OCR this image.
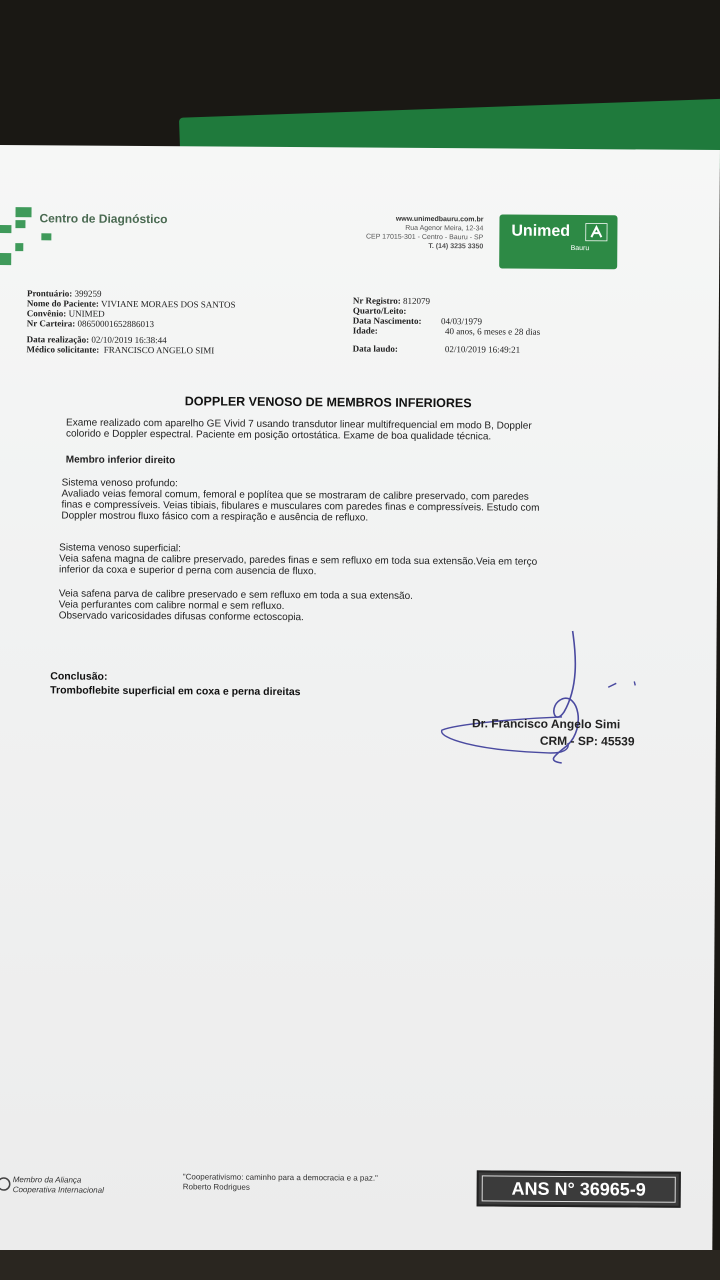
Centro de Diagnóstico	www.unimedbauru.com.br
Rua Agenor Meira, 12-34
CEP 17015-301 - Centro - Bauru - SP
T. (14) 3235 3350
Unimed
Bauru
Prontuário: 399259
Nome do Paciente: VIVIANE MORAES DOS SANTOS
Convênio: UNIMED
Nr Carteira: 08650001652886013
Data realização: 02/10/2019 16:38:44
Médico solicitante: FRANCISCO ANGELO SIMI
Nr Registro: 812079
Quarto/Leito:
Data Nascimento: 04/03/1979
Idade:	40 anos, 6 meses e 28 dias
Data laudo:	02/10/2019 16:49:21
DOPPLER VENOSO DE MEMBROS INFERIORES
Exame realizado com aparelho GE Vivid 7 usando transdutor linear multifrequencial em modo B, Doppler
colorido e Doppler espectral. Paciente em posição ortostática. Exame de boa qualidade técnica.
Membro inferior direito
Sistema venoso profundo:
Avaliado veias femoral comum, femoral e poplítea que se mostraram de calibre preservado, com paredes
finas e compressíveis. Veias tibiais, fibulares e musculares com paredes finas e compressíveis. Estudo com
Doppler mostrou fluxo fásico com a respiração e ausência de refluxo.
Sistema venoso superficial:
Veia safena magna de calibre preservado, paredes finas e sem refluxo em toda sua extensão.Veia em terço
inferior da coxa e superior d perna com ausencia de fluxo.
Veia safena parva de calibre preservado e sem refluxo em toda a sua extensão.
Veia perfurantes com calibre normal e sem refluxo.
Observado varicosidades difusas conforme ectoscopia.
Conclusão:
Tromboflebite superficial em coxa e perna direitas
Dr. Francisco Angelo Simi
CRM - SP: 45539
Membro da Aliança
Cooperativa Internacional
"Cooperativismo: caminho para a democracia e a paz."
Roberto Rodrigues	ANS N° 36965-9
